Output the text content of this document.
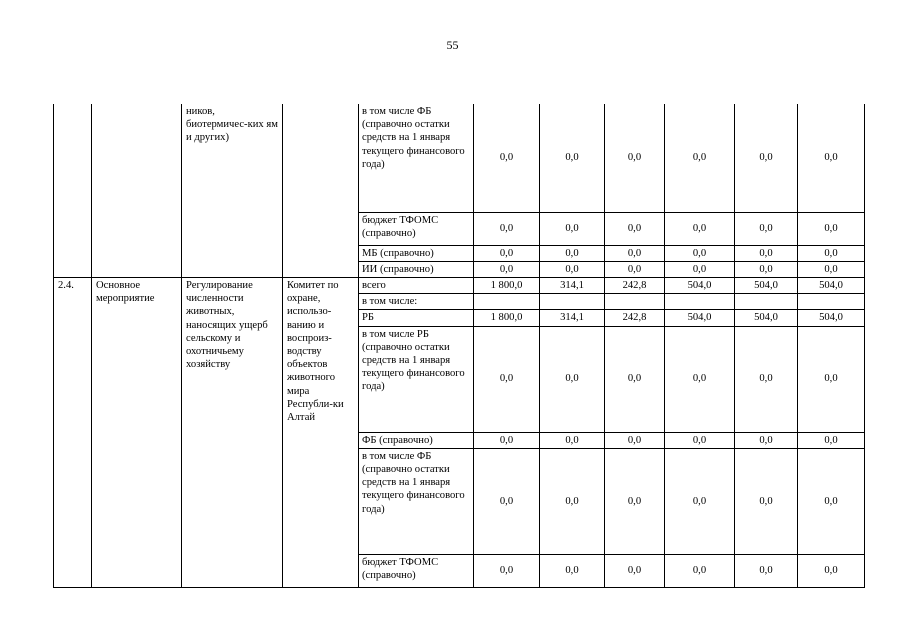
55
		ников, биотермичес-ких ям и других)		в том числе ФБ (справочно остатки средств на 1 января текущего финансового года)	0,0	0,0	0,0	0,0	0,0	0,0
				бюджет ТФОМС (справочно)	0,0	0,0	0,0	0,0	0,0	0,0
				МБ (справочно)	0,0	0,0	0,0	0,0	0,0	0,0
				ИИ (справочно)	0,0	0,0	0,0	0,0	0,0	0,0
2.4.	Основное мероприятие	Регулирование численности животных, наносящих ущерб сельскому и охотничьему хозяйству	Комитет по охране, использо-ванию и воспроиз-водству объектов животного мира Республи-ки Алтай	всего	1 800,0	314,1	242,8	504,0	504,0	504,0
				в том числе:						
				РБ	1 800,0	314,1	242,8	504,0	504,0	504,0
				в том числе РБ (справочно остатки средств на 1 января текущего финансового года)	0,0	0,0	0,0	0,0	0,0	0,0
				ФБ (справочно)	0,0	0,0	0,0	0,0	0,0	0,0
				в том числе ФБ (справочно остатки средств на 1 января текущего финансового года)	0,0	0,0	0,0	0,0	0,0	0,0
				бюджет ТФОМС (справочно)	0,0	0,0	0,0	0,0	0,0	0,0
